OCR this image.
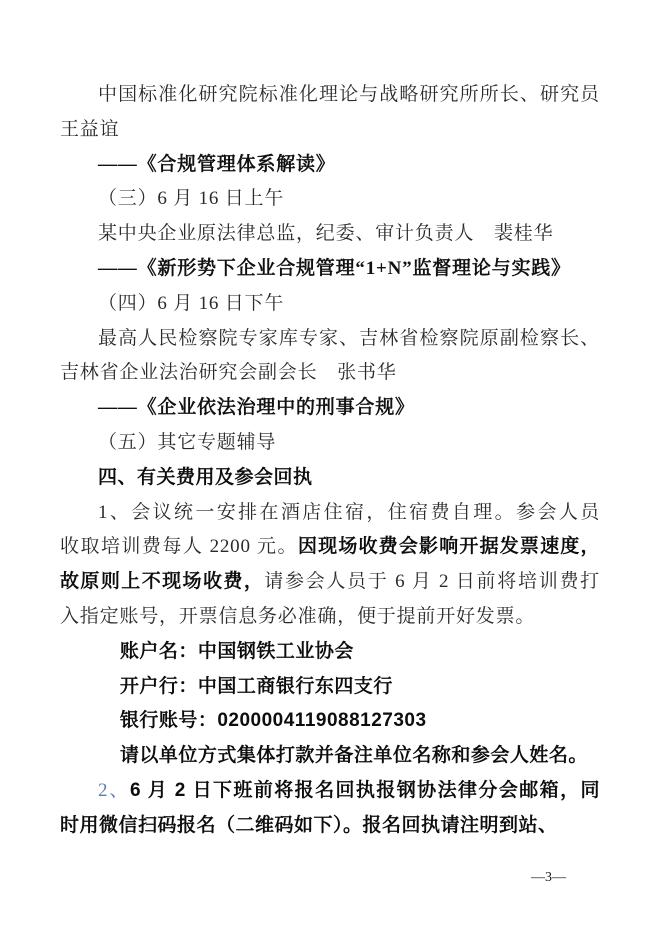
中国标准化研究院标准化理论与战略研究所所长、研究员
王益谊
——《合规管理体系解读》
（三）6 月 16 日上午
某中央企业原法律总监，纪委、审计负责人　裴桂华
——《新形势下企业合规管理“1+N”监督理论与实践》
（四）6 月 16 日下午
最高人民检察院专家库专家、吉林省检察院原副检察长、
吉林省企业法治研究会副会长　张书华
——《企业依法治理中的刑事合规》
（五）其它专题辅导
四、有关费用及参会回执
1、会议统一安排在酒店住宿，住宿费自理。参会人员
收取培训费每人 2200 元。因现场收费会影响开据发票速度，
故原则上不现场收费，请参会人员于 6 月 2 日前将培训费打
入指定账号，开票信息务必准确，便于提前开好发票。
账户名：中国钢铁工业协会
开户行：中国工商银行东四支行
银行账号：0200004119088127303
请以单位方式集体打款并备注单位名称和参会人姓名。
2、6 月 2 日下班前将报名回执报钢协法律分会邮箱，同
时用微信扫码报名（二维码如下）。报名回执请注明到站、
—3—
